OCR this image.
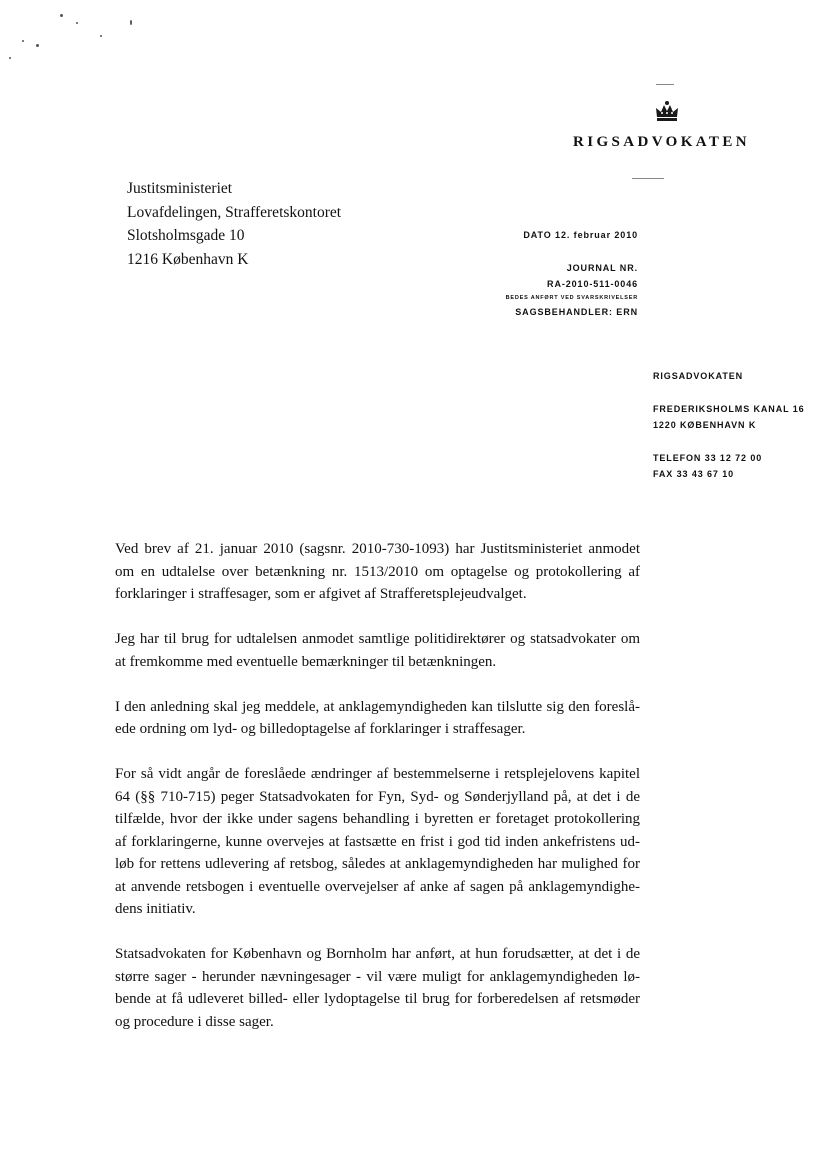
RIGSADVOKATEN
Justitsministeriet
Lovafdelingen, Strafferetskontoret
Slotsholmsgade 10
1216 København K
DATO 12. februar 2010
JOURNAL NR.
RA-2010-511-0046
BEDES ANFØRT VED SVARSKRIVELSER
SAGSBEHANDLER: ERN
RIGSADVOKATEN
FREDERIKSHOLMS KANAL 16
1220 KØBENHAVN K
TELEFON 33 12 72 00
FAX 33 43 67 10
Ved brev af 21. januar 2010 (sagsnr. 2010-730-1093) har Justitsministeriet anmodet
om en udtalelse over betænkning nr. 1513/2010 om optagelse og protokollering af
forklaringer i straffesager, som er afgivet af Strafferetsplejeudvalget.
Jeg har til brug for udtalelsen anmodet samtlige politidirektører og statsadvokater om
at fremkomme med eventuelle bemærkninger til betænkningen.
I den anledning skal jeg meddele, at anklagemyndigheden kan tilslutte sig den foreslå-
ede ordning om lyd- og billedoptagelse af forklaringer i straffesager.
For så vidt angår de foreslåede ændringer af bestemmelserne i retsplejelovens kapitel
64 (§§ 710-715) peger Statsadvokaten for Fyn, Syd- og Sønderjylland på, at det i de
tilfælde, hvor der ikke under sagens behandling i byretten er foretaget protokollering
af forklaringerne, kunne overvejes at fastsætte en frist i god tid inden ankefristens ud-
løb for rettens udlevering af retsbog, således at anklagemyndigheden har mulighed for
at anvende retsbogen i eventuelle overvejelser af anke af sagen på anklagemyndighe-
dens initiativ.
Statsadvokaten for København og Bornholm har anført, at hun forudsætter, at det i de
større sager - herunder nævningesager - vil være muligt for anklagemyndigheden lø-
bende at få udleveret billed- eller lydoptagelse til brug for forberedelsen af retsmøder
og procedure i disse sager.
